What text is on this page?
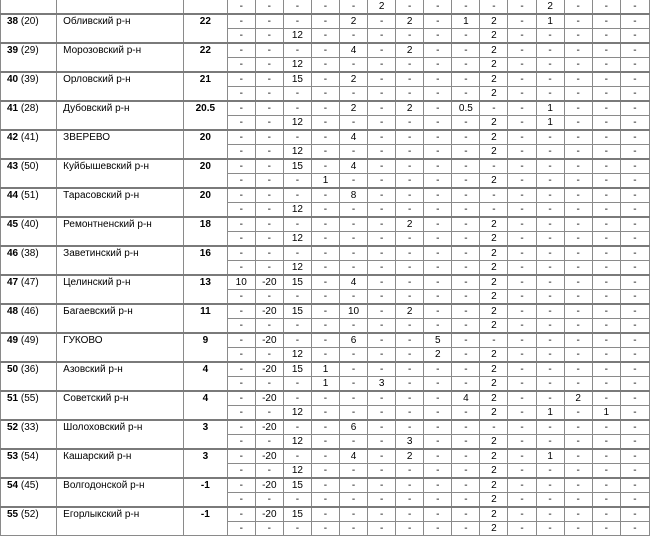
			-	-	-	-	-	2	-	-	-	-	-	2	-	-	-
38 (20)	Обливский р-н	22	-	-	-	-	2	-	2	-	1	2	-	1	-	-	-
			-	-	12	-	-	-	-	-	-	2	-	-	-	-	-
39 (29)	Морозовский р-н	22	-	-	-	-	4	-	2	-	-	2	-	-	-	-	-
			-	-	12	-	-	-	-	-	-	2	-	-	-	-	-
40 (39)	Орловский р-н	21	-	-	15	-	2	-	-	-	-	2	-	-	-	-	-
			-	-	-	-	-	-	-	-	-	2	-	-	-	-	-
41 (28)	Дубовский р-н	20.5	-	-	-	-	2	-	2	-	0.5	-	-	1	-	-	-
			-	-	12	-	-	-	-	-	-	2	-	1	-	-	-
42 (41)	ЗВЕРЕВО	20	-	-	-	-	4	-	-	-	-	2	-	-	-	-	-
			-	-	12	-	-	-	-	-	-	2	-	-	-	-	-
43 (50)	Куйбышевский р-н	20	-	-	15	-	4	-	-	-	-	-	-	-	-	-	-
			-	-	-	1	-	-	-	-	-	2	-	-	-	-	-
44 (51)	Тарасовский р-н	20	-	-	-	-	8	-	-	-	-	-	-	-	-	-	-
			-	-	12	-	-	-	-	-	-	-	-	-	-	-	-
45 (40)	Ремонтненский р-н	18	-	-	-	-	-	-	2	-	-	2	-	-	-	-	-
			-	-	12	-	-	-	-	-	-	2	-	-	-	-	-
46 (38)	Заветинский р-н	16	-	-	-	-	-	-	-	-	-	2	-	-	-	-	-
			-	-	12	-	-	-	-	-	-	2	-	-	-	-	-
47 (47)	Целинский р-н	13	10	-20	15	-	4	-	-	-	-	2	-	-	-	-	-
			-	-	-	-	-	-	-	-	-	2	-	-	-	-	-
48 (46)	Багаевский р-н	11	-	-20	15	-	10	-	2	-	-	2	-	-	-	-	-
			-	-	-	-	-	-	-	-	-	2	-	-	-	-	-
49 (49)	ГУКОВО	9	-	-20	-	-	6	-	-	5	-	-	-	-	-	-	-
			-	-	12	-	-	-	-	2	-	2	-	-	-	-	-
50 (36)	Азовский р-н	4	-	-20	15	1	-	-	-	-	-	2	-	-	-	-	-
			-	-	-	1	-	3	-	-	-	2	-	-	-	-	-
51 (55)	Советский р-н	4	-	-20	-	-	-	-	-	-	4	2	-	-	2	-	-
			-	-	12	-	-	-	-	-	-	2	-	1	-	1	-
52 (33)	Шолоховский р-н	3	-	-20	-	-	6	-	-	-	-	-	-	-	-	-	-
			-	-	12	-	-	-	3	-	-	2	-	-	-	-	-
53 (54)	Кашарский р-н	3	-	-20	-	-	4	-	2	-	-	2	-	1	-	-	-
			-	-	12	-	-	-	-	-	-	2	-	-	-	-	-
54 (45)	Волгодонской р-н	-1	-	-20	15	-	-	-	-	-	-	2	-	-	-	-	-
			-	-	-	-	-	-	-	-	-	2	-	-	-	-	-
55 (52)	Егорлыкский р-н	-1	-	-20	15	-	-	-	-	-	-	2	-	-	-	-	-
			-	-	-	-	-	-	-	-	-	2	-	-	-	-	-
